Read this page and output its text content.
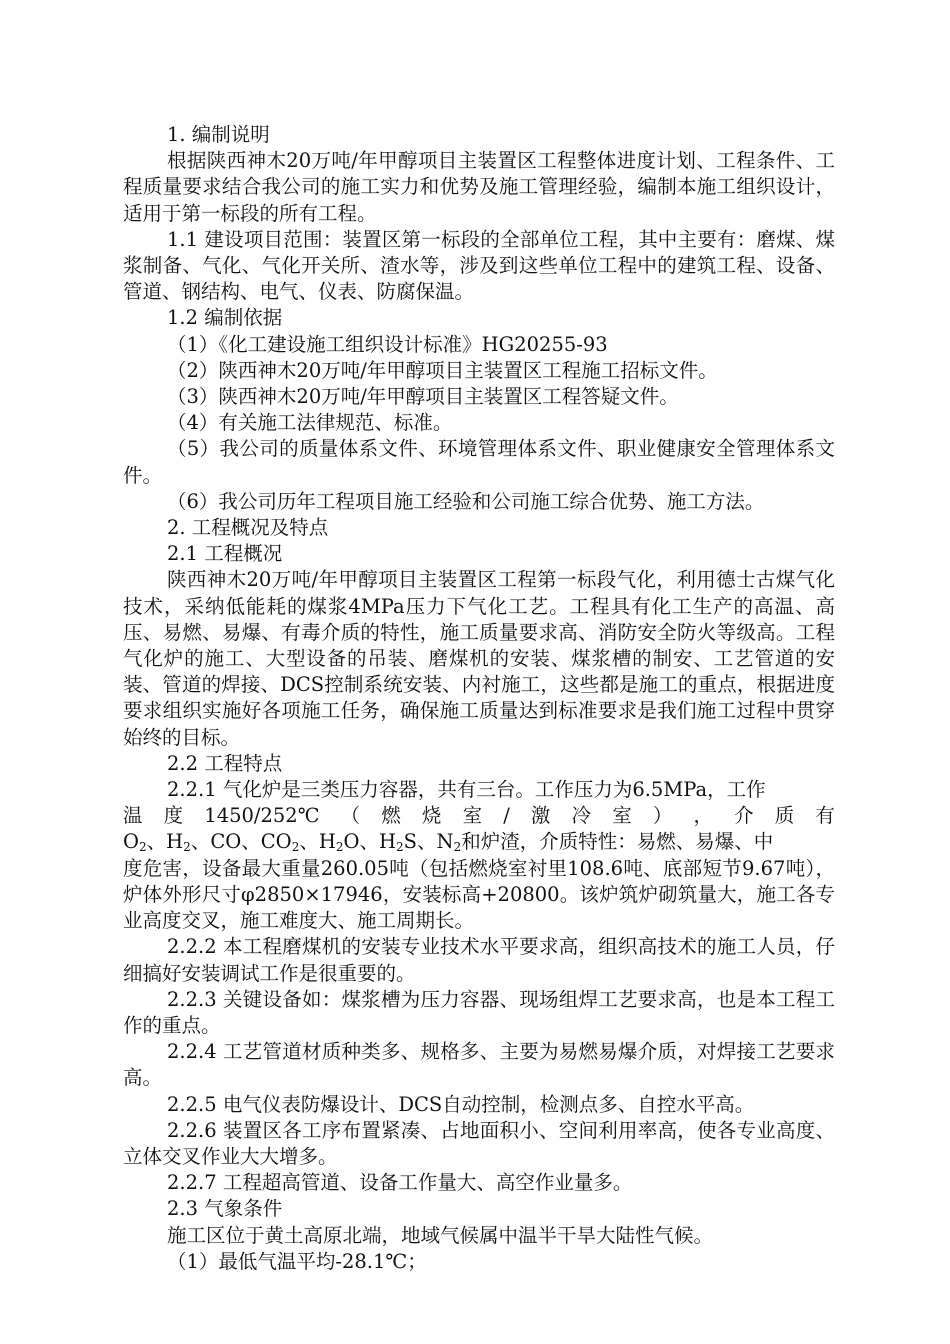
1. 编制说明

根据陕西神木20万吨/年甲醇项目主装置区工程整体进度计划、工程条件、工程质量要求结合我公司的施工实力和优势及施工管理经验，编制本施工组织设计，适用于第一标段的所有工程。

1.1 建设项目范围：装置区第一标段的全部单位工程，其中主要有：磨煤、煤浆制备、气化、气化开关所、渣水等，涉及到这些单位工程中的建筑工程、设备、管道、钢结构、电气、仪表、防腐保温。

1.2 编制依据

（1）《化工建设施工组织设计标准》HG20255-93

（2）陕西神木20万吨/年甲醇项目主装置区工程施工招标文件。

（3）陕西神木20万吨/年甲醇项目主装置区工程答疑文件。

（4）有关施工法律规范、标准。

（5）我公司的质量体系文件、环境管理体系文件、职业健康安全管理体系文件。

（6）我公司历年工程项目施工经验和公司施工综合优势、施工方法。

2. 工程概况及特点

2.1 工程概况

陕西神木20万吨/年甲醇项目主装置区工程第一标段气化，利用德士古煤气化技术，采纳低能耗的煤浆4MPa压力下气化工艺。工程具有化工生产的高温、高压、易燃、易爆、有毒介质的特性，施工质量要求高、消防安全防火等级高。工程气化炉的施工、大型设备的吊装、磨煤机的安装、煤浆槽的制安、工艺管道的安装、管道的焊接、DCS控制系统安装、内衬施工，这些都是施工的重点，根据进度要求组织实施好各项施工任务，确保施工质量达到标准要求是我们施工过程中贯穿始终的目标。

2.2 工程特点

2.2.1 气化炉是三类压力容器，共有三台。工作压力为6.5MPa，工作

温 度 1450/252℃ （ 燃 烧 室 / 激 冷 室 ） ， 介 质 有

$O_2$、$H_2$、CO、$CO_2$、$H_2O$、$H_2S$、$N_2$和炉渣，介质特性：易燃、易爆、中

度危害，设备最大重量260.05吨（包括燃烧室衬里108.6吨、底部短节9.67吨），炉体外形尺寸φ2850×17946，安装标高+20800。该炉筑炉砌筑量大，施工各专业高度交叉，施工难度大、施工周期长。

2.2.2 本工程磨煤机的安装专业技术水平要求高，组织高技术的施工人员，仔细搞好安装调试工作是很重要的。

2.2.3 关键设备如：煤浆槽为压力容器、现场组焊工艺要求高，也是本工程工作的重点。

2.2.4 工艺管道材质种类多、规格多、主要为易燃易爆介质，对焊接工艺要求高。

2.2.5 电气仪表防爆设计、DCS自动控制，检测点多、自控水平高。

2.2.6 装置区各工序布置紧凑、占地面积小、空间利用率高，使各专业高度、立体交叉作业大大增多。

2.2.7 工程超高管道、设备工作量大、高空作业量多。

2.3 气象条件

施工区位于黄土高原北端，地域气候属中温半干旱大陆性气候。

（1）最低气温平均-28.1℃；
